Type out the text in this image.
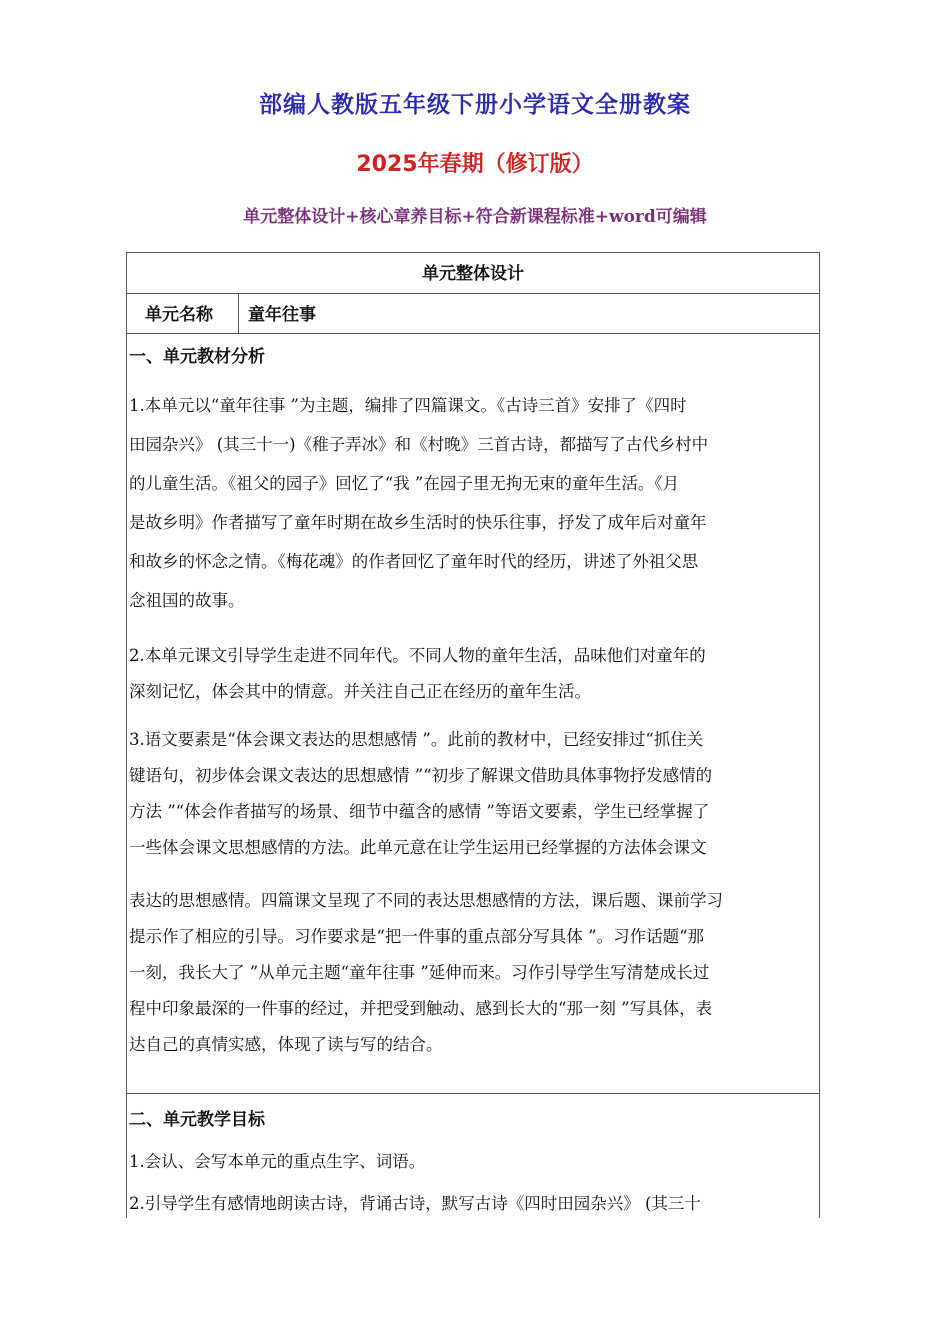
部编人教版五年级下册小学语文全册教案
2025年春期（修订版）
单元整体设计+核心章养目标+符合新课程标准+word可编辑
单元整体设计
单元名称 童年往事
一、单元教材分析
1.本单元以“童年往事 ”为主题，编排了四篇课文。《古诗三首》安排了《四时
田园杂兴》 (其三十一)《稚子弄冰》和《村晚》三首古诗，都描写了古代乡村中
的儿童生活。《祖父的园子》回忆了“我 ”在园子里无拘无束的童年生活。《月
是故乡明》作者描写了童年时期在故乡生活时的快乐往事，抒发了成年后对童年
和故乡的怀念之情。《梅花魂》的作者回忆了童年时代的经历，讲述了外祖父思
念祖国的故事。
2.本单元课文引导学生走进不同年代。不同人物的童年生活，品味他们对童年的
深刻记忆，体会其中的情意。并关注自己正在经历的童年生活。
3.语文要素是“体会课文表达的思想感情 ”。此前的教材中，已经安排过“抓住关
键语句，初步体会课文表达的思想感情 ”“初步了解课文借助具体事物抒发感情的
方法 ”“体会作者描写的场景、细节中蕴含的感情 ”等语文要素，学生已经掌握了
一些体会课文思想感情的方法。此单元意在让学生运用已经掌握的方法体会课文
表达的思想感情。四篇课文呈现了不同的表达思想感情的方法，课后题、课前学习
提示作了相应的引导。习作要求是“把一件事的重点部分写具体 ”。习作话题“那
一刻，我长大了 ”从单元主题“童年往事 ”延伸而来。习作引导学生写清楚成长过
程中印象最深的一件事的经过，并把受到触动、感到长大的“那一刻 ”写具体，表
达自己的真情实感，体现了读与写的结合。
二、单元教学目标
1.会认、会写本单元的重点生字、词语。
2.引导学生有感情地朗读古诗，背诵古诗，默写古诗《四时田园杂兴》 (其三十
